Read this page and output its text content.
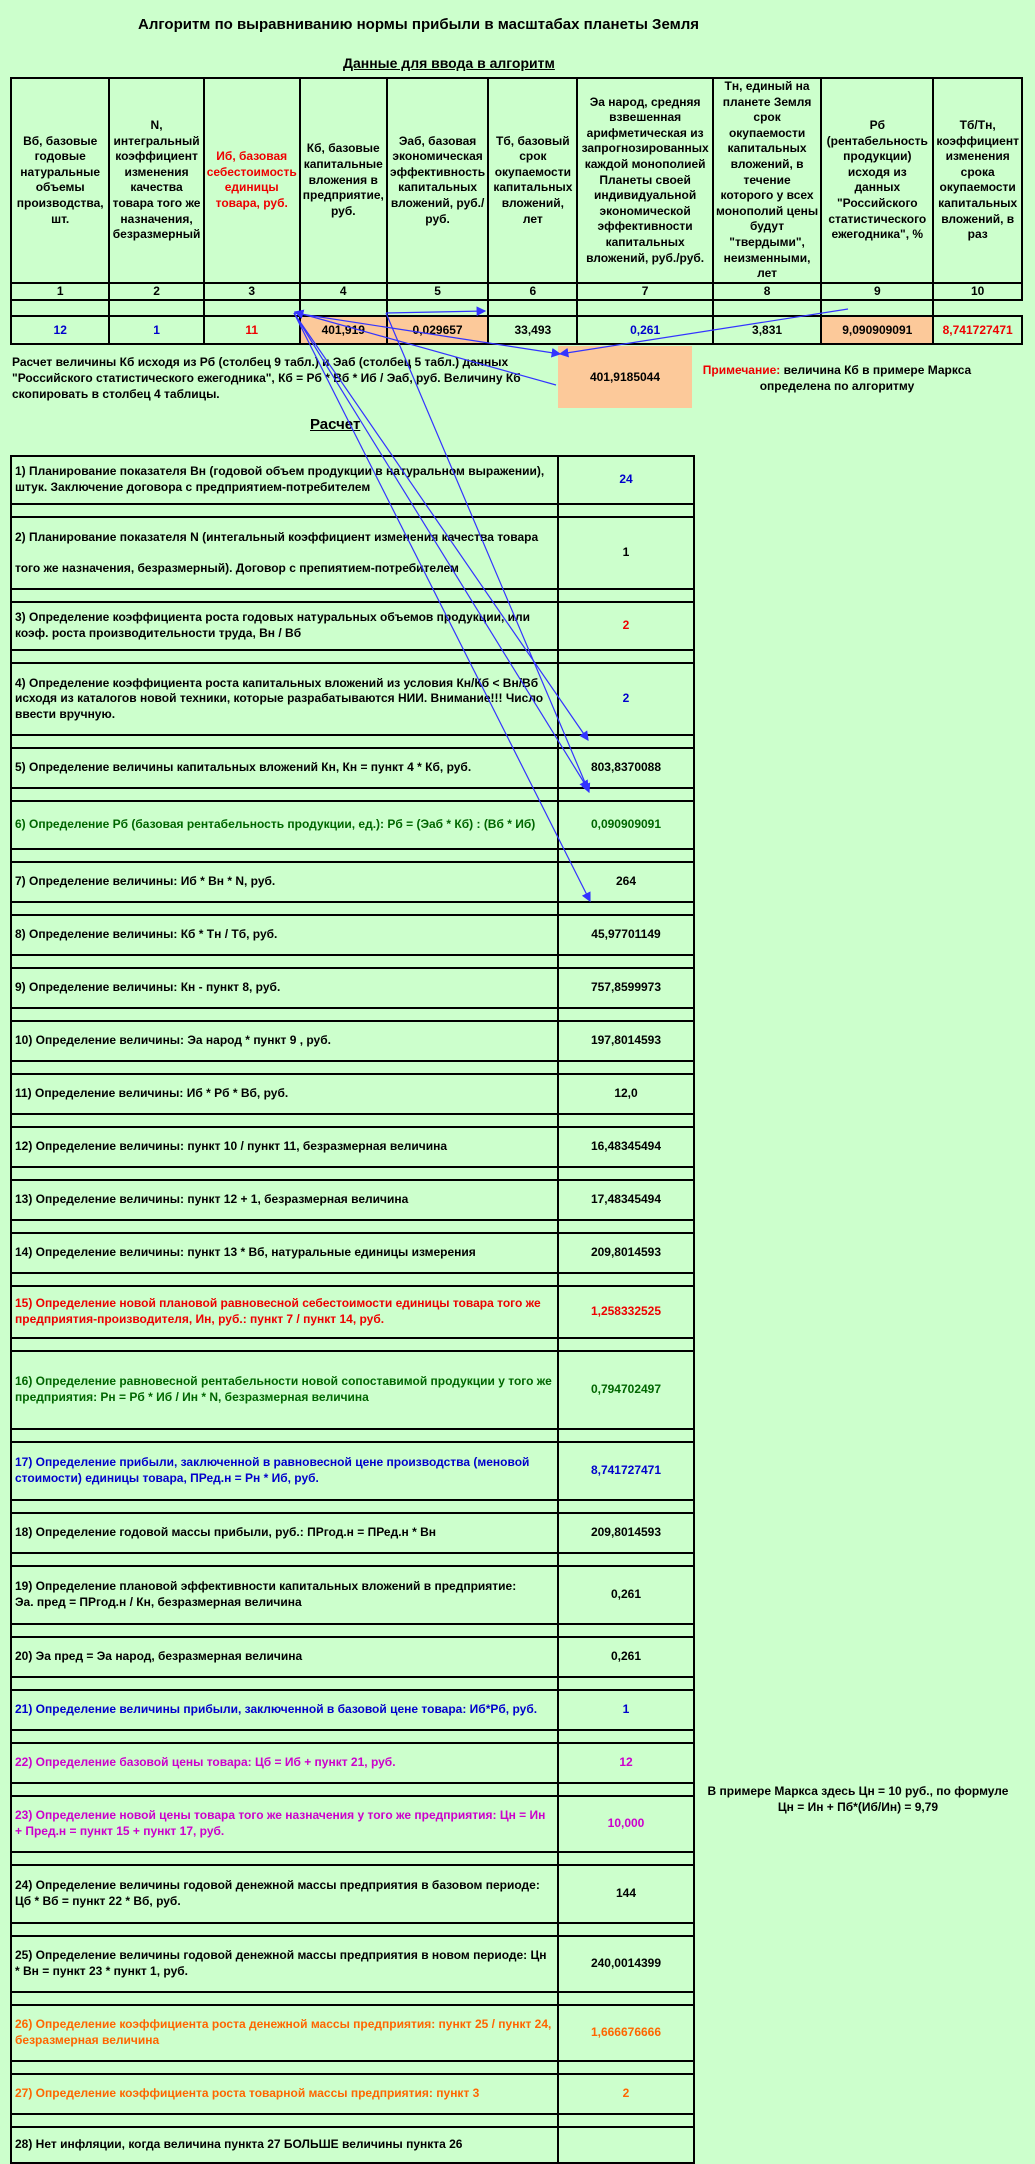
Алгоритм по выравниванию нормы прибыли в масштабах планеты Земля
Данные для ввода в алгоритм
Вб, базовые годовые натуральные объемы производства, шт.	N, интегральный коэффициент изменения качества товара того же назначения, безразмерный	Иб, базовая себестоимость единицы товара, руб.	Кб, базовые капитальные вложения в предприятие, руб.	Эаб, базовая экономическая эффективность капитальных вложений, руб./руб.	Тб, базовый срок окупаемости капитальных вложений, лет	Эа народ, средняя взвешенная арифметическая из запрогнозированных каждой монополией Планеты своей индивидуальной экономической эффективности капитальных вложений, руб./руб.	Тн, единый на планете Земля срок окупаемости капитальных вложений, в течение которого у всех монополий цены будут "твердыми", неизменными, лет	Рб (рентабельность продукции) исходя из данных "Российского статистического ежегодника", %	Тб/Тн, коэффициент изменения срока окупаемости капитальных вложений, в раз
1	2	3	4	5	6	7	8	9	10

12	1	11	401,919	0,029657	33,493	0,261	3,831	9,090909091	8,741727471
Расчет величины Кб исходя из Рб (столбец 9 табл.) и Эаб (столбец 5 табл.) данных "Российского статистического ежегодника", Кб = Рб * Вб * Иб / Эаб, руб. Величину Кб скопировать в столбец 4 таблицы.
401,9185044	Примечание: величина Кб в примере Маркса определена по алгоритму
Расчет
1) Планирование показателя Вн (годовой объем продукции в натуральном выражении), штук. Заключение договора с предприятием-потребителем	24

2) Планирование показателя N (интегальный коэффициент изменения качества товара

того же назначения, безразмерный). Договор с препиятием-потребителем	1

3) Определение коэффициента роста годовых натуральных объемов продукции, или коэф. роста производительности труда, Вн / Вб	2

4) Определение коэффициента роста капитальных вложений из условия Кн/Кб < Вн/Вб исходя из каталогов новой техники, которые разрабатываются НИИ. Внимание!!! Число ввести вручную.	2

5) Определение величины капитальных вложений Кн, Кн = пункт 4 * Кб, руб.	803,8370088

6) Определение Рб (базовая рентабельность продукции, ед.): Рб = (Эаб * Кб) : (Вб * Иб)	0,090909091

7) Определение величины: Иб * Вн * N, руб.	264

8) Определение величины: Кб * Тн / Тб, руб.	45,97701149

9) Определение величины: Кн - пункт 8, руб.	757,8599973

10) Определение величины: Эа народ * пункт 9 , руб.	197,8014593

11) Определение величины: Иб * Рб * Вб, руб.	12,0

12) Определение величины: пункт 10 / пункт 11, безразмерная величина	16,48345494

13) Определение величины: пункт 12 + 1, безразмерная величина	17,48345494

14) Определение величины: пункт 13 * Вб, натуральные единицы измерения	209,8014593

15) Определение новой плановой равновесной себестоимости единицы товара того же предприятия-производителя, Ин, руб.: пункт 7 / пункт 14, руб.	1,258332525

16) Определение равновесной рентабельности новой сопоставимой продукции у того же предприятия: Рн = Рб * Иб / Ин * N, безразмерная величина	0,794702497

17) Определение прибыли, заключенной в равновесной цене производства (меновой стоимости) единицы товара, ПРед.н = Рн * Иб, руб.	8,741727471

18) Определение годовой массы прибыли, руб.: ПРгод.н = ПРед.н * Вн	209,8014593

19) Определение плановой эффективности капитальных вложений в предприятие:
Эа. пред = ПРгод.н / Кн, безразмерная величина	0,261

20) Эа пред = Эа народ, безразмерная величина	0,261

21) Определение величины прибыли, заключенной в базовой цене товара: Иб*Рб, руб.	1

22) Определение базовой цены товара: Цб = Иб + пункт 21, руб.	12

23) Определение новой цены товара того же назначения у того же предприятия: Цн = Ин + Пред.н = пункт 15 + пункт 17, руб.	10,000

24) Определение величины годовой денежной массы предприятия в базовом периоде: Цб * Вб = пункт 22 * Вб, руб.	144

25) Определение величины годовой денежной массы предприятия в новом периоде: Цн * Вн = пункт 23 * пункт 1, руб.	240,0014399

26) Определение коэффициента роста денежной массы предприятия: пункт 25 / пункт 24, безразмерная величина	1,666676666

27) Определение коэффициента роста товарной массы предприятия: пункт 3	2

28) Нет инфляции, когда величина пункта 27 БОЛЬШЕ величины пункта 26	
В примере Маркса здесь Цн = 10 руб., по формуле Цн = Ин + Пб*(Иб/Ин) = 9,79
